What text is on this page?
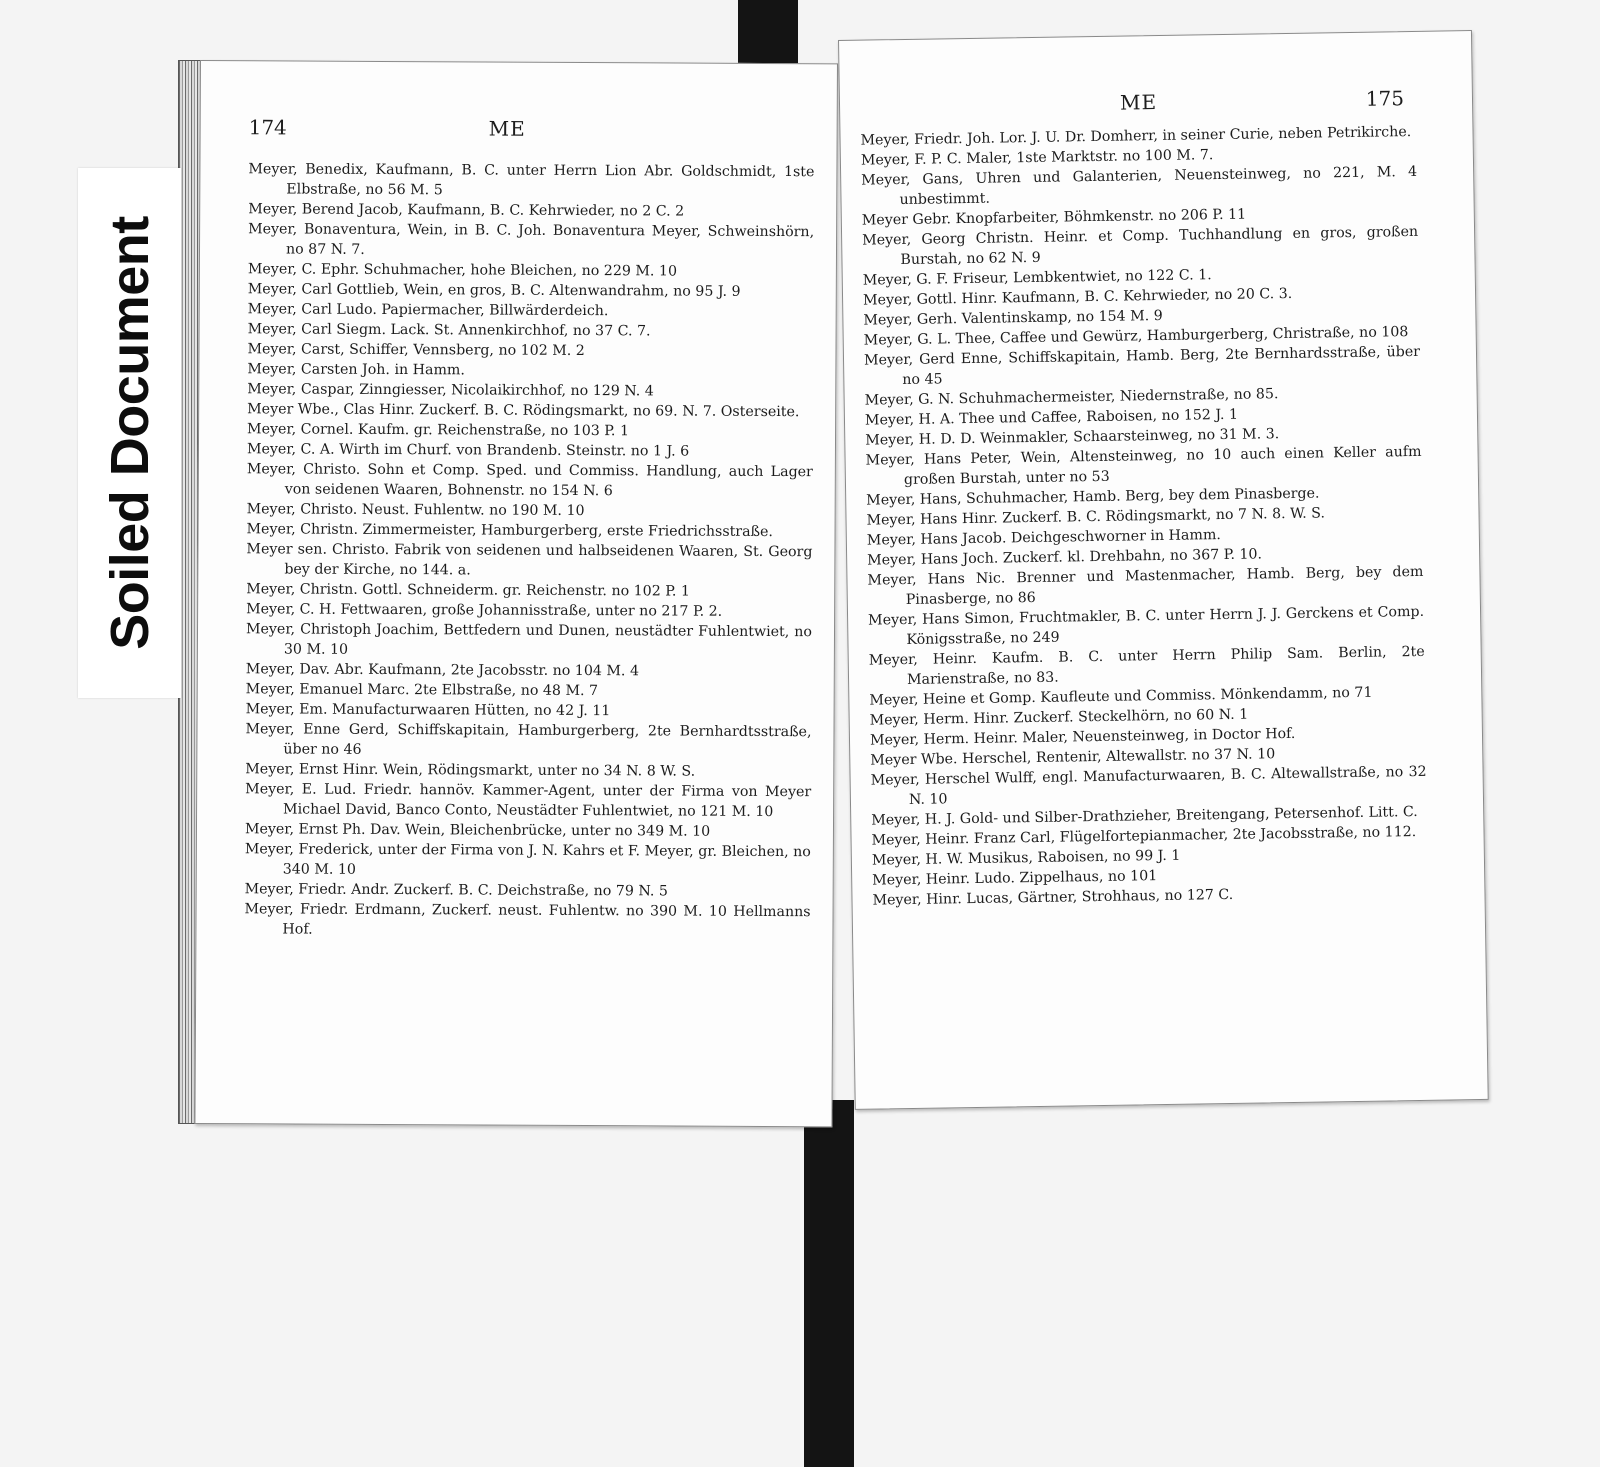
174	ME

Meyer, Benedix, Kaufmann, B. C. unter Herrn Lion Abr. Goldschmidt, 1ste Elbstraße, no 56 M. 5

Meyer, Berend Jacob, Kaufmann, B. C. Kehrwieder, no 2 C. 2

Meyer, Bonaventura, Wein, in B. C. Joh. Bonaventura Meyer, Schweinshörn, no 87 N. 7.

Meyer, C. Ephr. Schuhmacher, hohe Bleichen, no 229 M. 10

Meyer, Carl Gottlieb, Wein, en gros, B. C. Altenwandrahm, no 95 J. 9

Meyer, Carl Ludo. Papiermacher, Billwärderdeich.

Meyer, Carl Siegm. Lack. St. Annenkirchhof, no 37 C. 7.

Meyer, Carst, Schiffer, Vennsberg, no 102 M. 2

Meyer, Carsten Joh. in Hamm.

Meyer, Caspar, Zinngiesser, Nicolaikirchhof, no 129 N. 4

Meyer Wbe., Clas Hinr. Zuckerf. B. C. Rödingsmarkt, no 69. N. 7. Osterseite.

Meyer, Cornel. Kaufm. gr. Reichenstraße, no 103 P. 1

Meyer, C. A. Wirth im Churf. von Brandenb. Steinstr. no 1 J. 6

Meyer, Christo. Sohn et Comp. Sped. und Commiss. Handlung, auch Lager von seidenen Waaren, Bohnenstr. no 154 N. 6

Meyer, Christo. Neust. Fuhlentw. no 190 M. 10

Meyer, Christn. Zimmermeister, Hamburgerberg, erste Friedrichsstraße.

Meyer sen. Christo. Fabrik von seidenen und halbseidenen Waaren, St. Georg bey der Kirche, no 144. a.

Meyer, Christn. Gottl. Schneiderm. gr. Reichenstr. no 102 P. 1

Meyer, C. H. Fettwaaren, große Johannisstraße, unter no 217 P. 2.

Meyer, Christoph Joachim, Bettfedern und Dunen, neustädter Fuhlentwiet, no 30 M. 10

Meyer, Dav. Abr. Kaufmann, 2te Jacobsstr. no 104 M. 4

Meyer, Emanuel Marc. 2te Elbstraße, no 48 M. 7

Meyer, Em. Manufacturwaaren Hütten, no 42 J. 11

Meyer, Enne Gerd, Schiffskapitain, Hamburgerberg, 2te Bernhardtsstraße, über no 46

Meyer, Ernst Hinr. Wein, Rödingsmarkt, unter no 34 N. 8 W. S.

Meyer, E. Lud. Friedr. hannöv. Kammer-Agent, unter der Firma von Meyer Michael David, Banco Conto, Neustädter Fuhlentwiet, no 121 M. 10

Meyer, Ernst Ph. Dav. Wein, Bleichenbrücke, unter no 349 M. 10

Meyer, Frederick, unter der Firma von J. N. Kahrs et F. Meyer, gr. Bleichen, no 340 M. 10

Meyer, Friedr. Andr. Zuckerf. B. C. Deichstraße, no 79 N. 5

Meyer, Friedr. Erdmann, Zuckerf. neust. Fuhlentw. no 390 M. 10 Hellmanns Hof.

ME	175

Meyer, Friedr. Joh. Lor. J. U. Dr. Domherr, in seiner Curie, neben Petrikirche.

Meyer, F. P. C. Maler, 1ste Marktstr. no 100 M. 7.

Meyer, Gans, Uhren und Galanterien, Neuensteinweg, no 221, M. 4 unbestimmt.

Meyer Gebr. Knopfarbeiter, Böhmkenstr. no 206 P. 11

Meyer, Georg Christn. Heinr. et Comp. Tuchhandlung en gros, großen Burstah, no 62 N. 9

Meyer, G. F. Friseur, Lembkentwiet, no 122 C. 1.

Meyer, Gottl. Hinr. Kaufmann, B. C. Kehrwieder, no 20 C. 3.

Meyer, Gerh. Valentinskamp, no 154 M. 9

Meyer, G. L. Thee, Caffee und Gewürz, Hamburgerberg, Christraße, no 108

Meyer, Gerd Enne, Schiffskapitain, Hamb. Berg, 2te Bernhardsstraße, über no 45

Meyer, G. N. Schuhmachermeister, Niedernstraße, no 85.

Meyer, H. A. Thee und Caffee, Raboisen, no 152 J. 1

Meyer, H. D. D. Weinmakler, Schaarsteinweg, no 31 M. 3.

Meyer, Hans Peter, Wein, Altensteinweg, no 10 auch einen Keller aufm großen Burstah, unter no 53

Meyer, Hans, Schuhmacher, Hamb. Berg, bey dem Pinasberge.

Meyer, Hans Hinr. Zuckerf. B. C. Rödingsmarkt, no 7 N. 8. W. S.

Meyer, Hans Jacob. Deichgeschworner in Hamm.

Meyer, Hans Joch. Zuckerf. kl. Drehbahn, no 367 P. 10.

Meyer, Hans Nic. Brenner und Mastenmacher, Hamb. Berg, bey dem Pinasberge, no 86

Meyer, Hans Simon, Fruchtmakler, B. C. unter Herrn J. J. Gerckens et Comp. Königsstraße, no 249

Meyer, Heinr. Kaufm. B. C. unter Herrn Philip Sam. Berlin, 2te Marienstraße, no 83.

Meyer, Heine et Gomp. Kaufleute und Commiss. Mönkendamm, no 71

Meyer, Herm. Hinr. Zuckerf. Steckelhörn, no 60 N. 1

Meyer, Herm. Heinr. Maler, Neuensteinweg, in Doctor Hof.

Meyer Wbe. Herschel, Rentenir, Altewallstr. no 37 N. 10

Meyer, Herschel Wulff, engl. Manufacturwaaren, B. C. Altewallstraße, no 32 N. 10

Meyer, H. J. Gold- und Silber-Drathzieher, Breitengang, Petersenhof. Litt. C.

Meyer, Heinr. Franz Carl, Flügelfortepianmacher, 2te Jacobsstraße, no 112.

Meyer, H. W. Musikus, Raboisen, no 99 J. 1

Meyer, Heinr. Ludo. Zippelhaus, no 101

Meyer, Hinr. Lucas, Gärtner, Strohhaus, no 127 C.

Soiled Document
